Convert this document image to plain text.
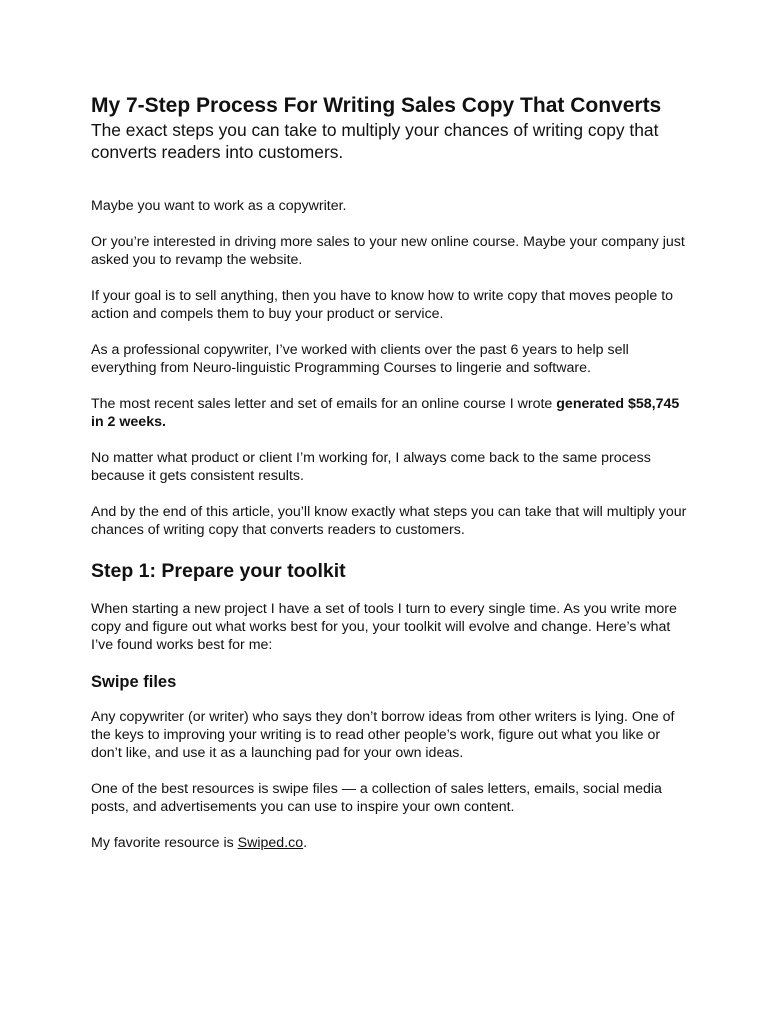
My 7-Step Process For Writing Sales Copy That Converts

The exact steps you can take to multiply your chances of writing copy that converts readers into customers.

Maybe you want to work as a copywriter.

Or you’re interested in driving more sales to your new online course. Maybe your company just asked you to revamp the website.

If your goal is to sell anything, then you have to know how to write copy that moves people to action and compels them to buy your product or service.

As a professional copywriter, I’ve worked with clients over the past 6 years to help sell everything from Neuro-linguistic Programming Courses to lingerie and software.

The most recent sales letter and set of emails for an online course I wrote generated $58,745 in 2 weeks.

No matter what product or client I’m working for, I always come back to the same process because it gets consistent results.

And by the end of this article, you’ll know exactly what steps you can take that will multiply your chances of writing copy that converts readers to customers.

Step 1: Prepare your toolkit

When starting a new project I have a set of tools I turn to every single time. As you write more copy and figure out what works best for you, your toolkit will evolve and change. Here’s what I’ve found works best for me:

Swipe files

Any copywriter (or writer) who says they don’t borrow ideas from other writers is lying. One of the keys to improving your writing is to read other people’s work, figure out what you like or don’t like, and use it as a launching pad for your own ideas.

One of the best resources is swipe files — a collection of sales letters, emails, social media posts, and advertisements you can use to inspire your own content.

My favorite resource is Swiped.co.
